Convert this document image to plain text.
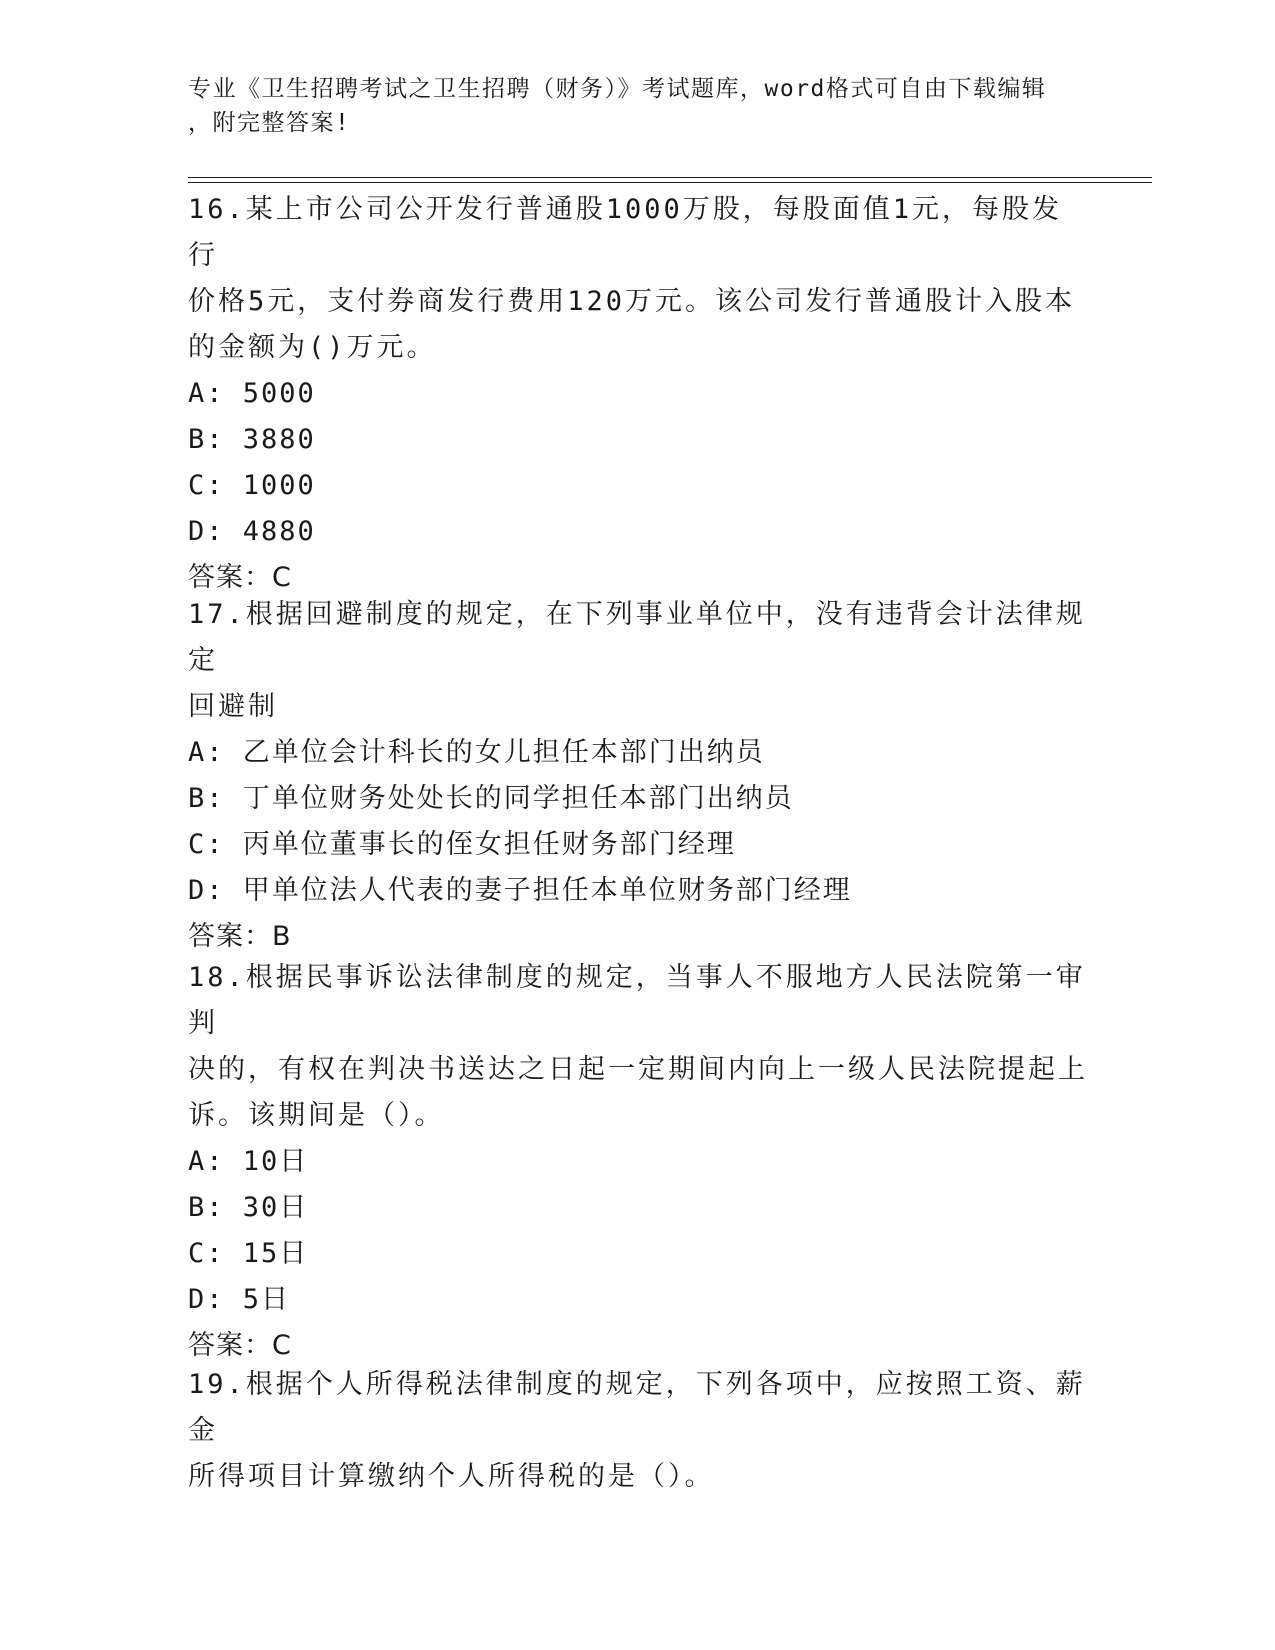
专业《卫生招聘考试之卫生招聘（财务）》考试题库，word格式可自由下载编辑
，附完整答案!

16.某上市公司公开发行普通股1000万股，每股面值1元，每股发行

价格5元，支付券商发行费用120万元。该公司发行普通股计入股本

的金额为()万元。

A: 5000

B: 3880

C: 1000

D: 4880

答案：C

17.根据回避制度的规定，在下列事业单位中，没有违背会计法律规定

回避制

A: 乙单位会计科长的女儿担任本部门出纳员

B: 丁单位财务处处长的同学担任本部门出纳员

C: 丙单位董事长的侄女担任财务部门经理

D: 甲单位法人代表的妻子担任本单位财务部门经理

答案：B

18.根据民事诉讼法律制度的规定，当事人不服地方人民法院第一审判

决的，有权在判决书送达之日起一定期间内向上一级人民法院提起上

诉。该期间是（）。

A: 10日

B: 30日

C: 15日

D: 5日

答案：C

19.根据个人所得税法律制度的规定，下列各项中，应按照工资、薪金

所得项目计算缴纳个人所得税的是（）。
